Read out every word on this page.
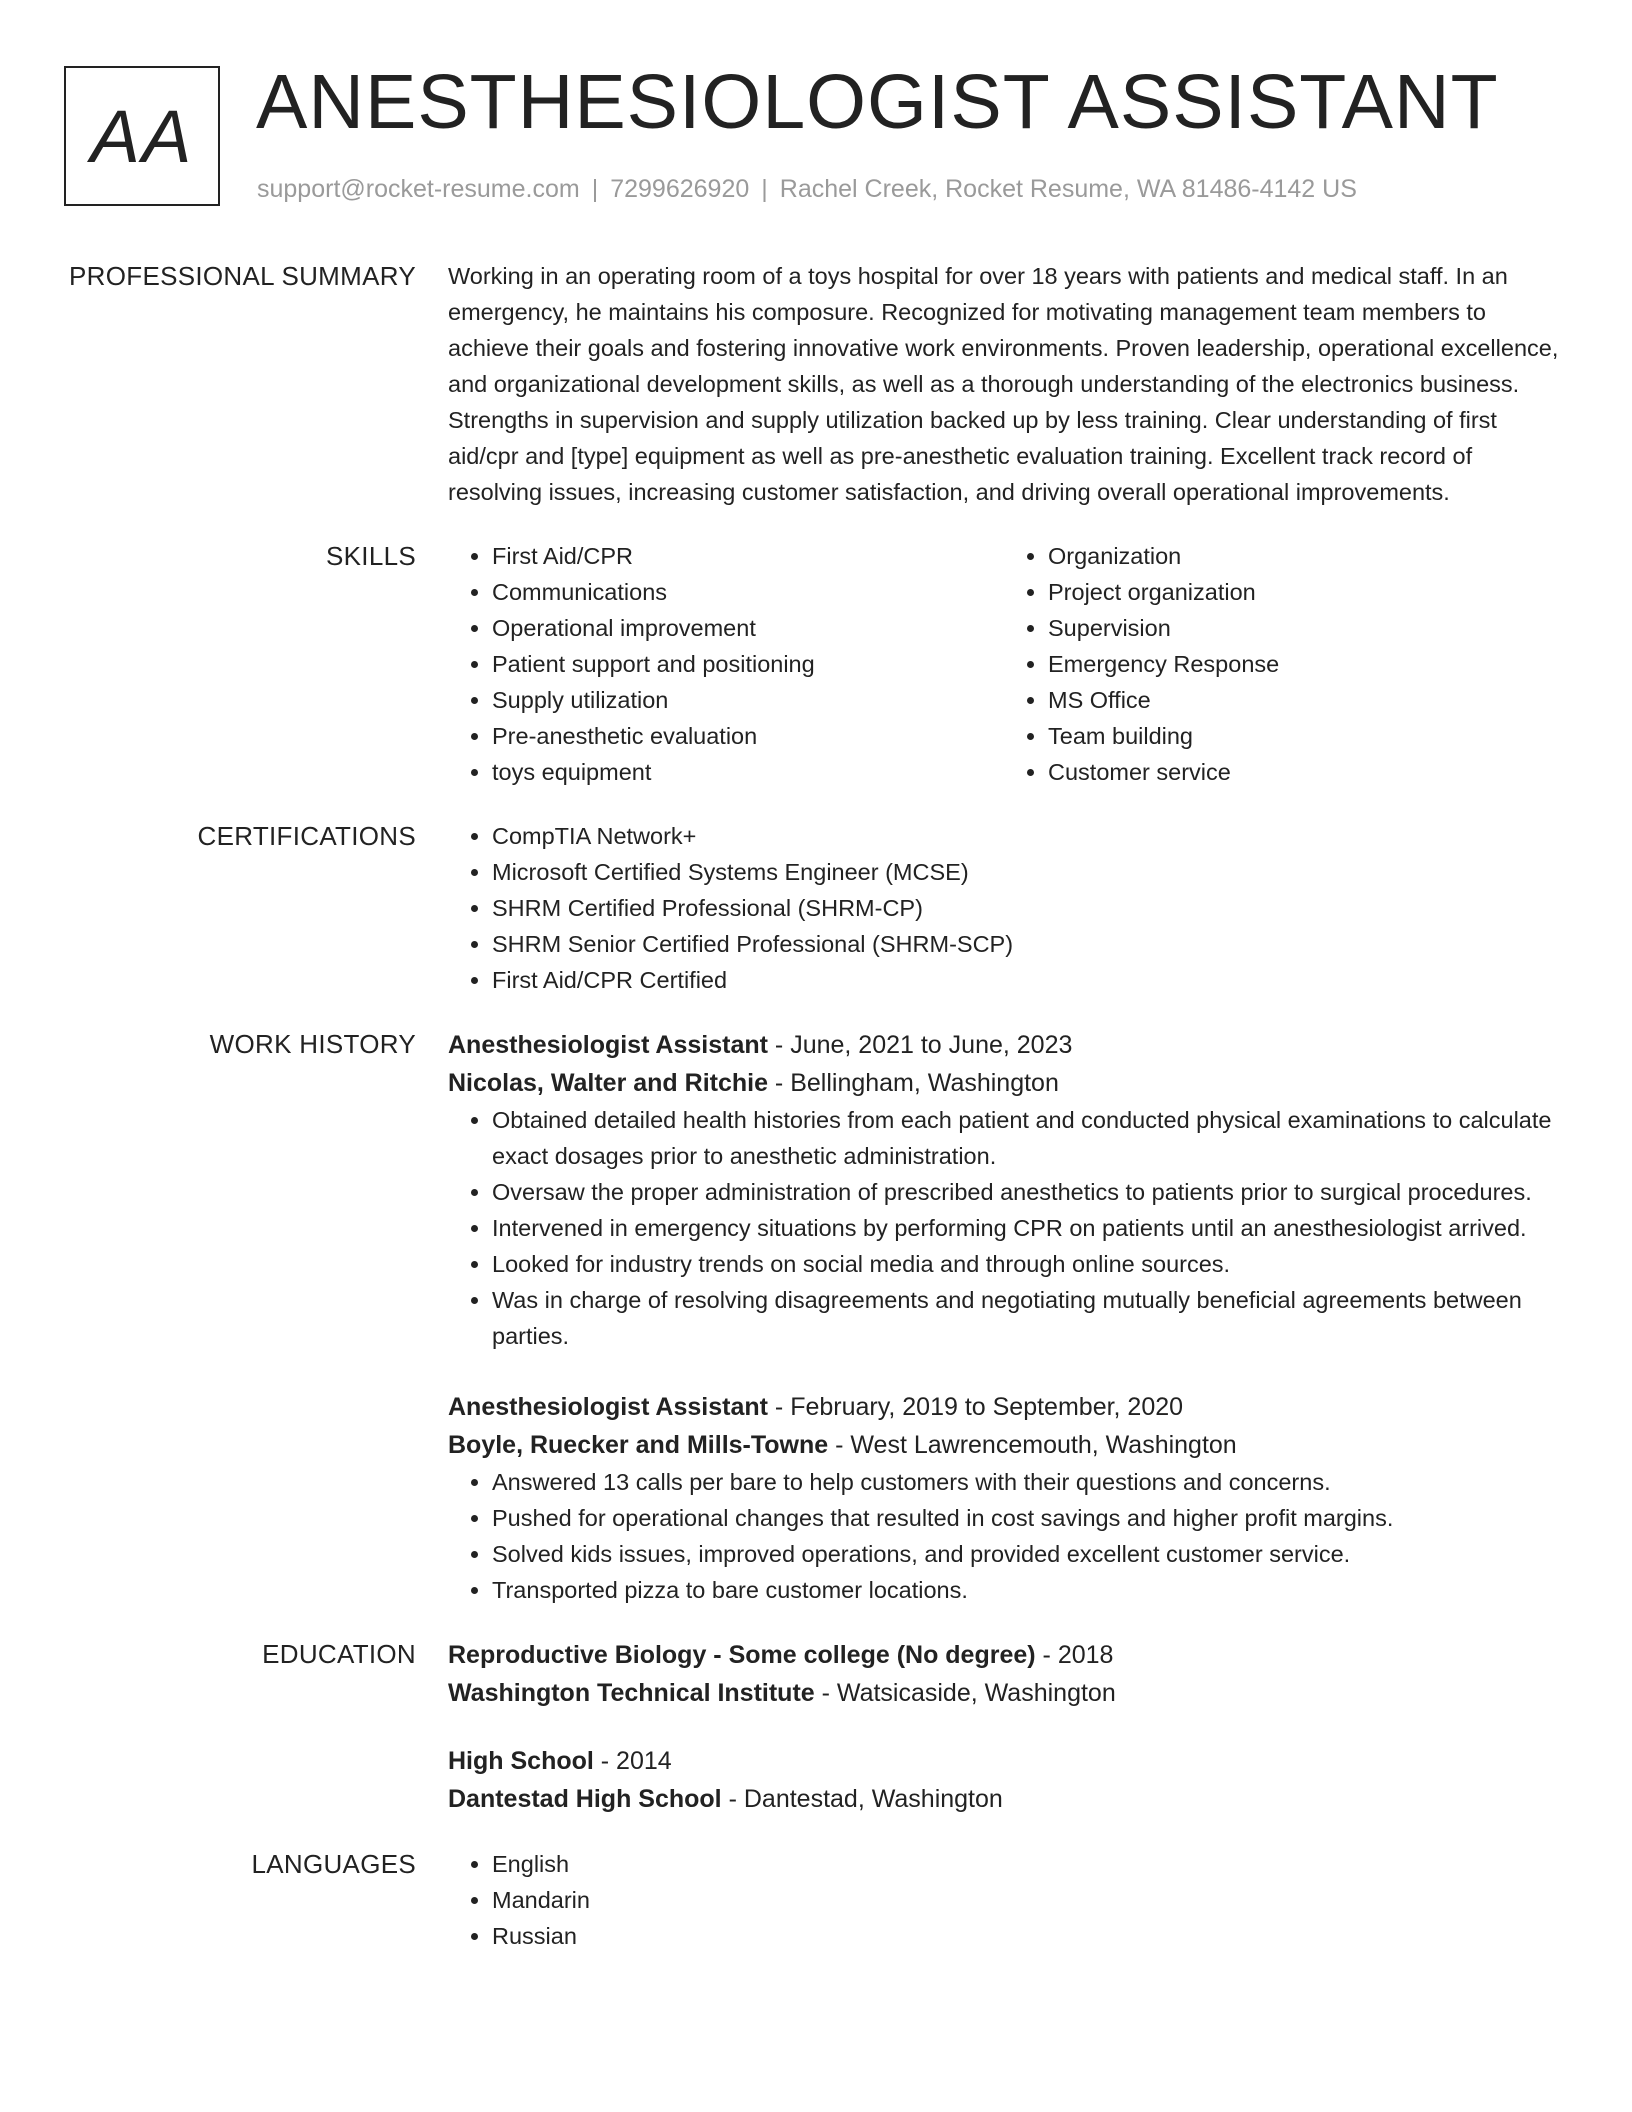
AA ANESTHESIOLOGIST ASSISTANT
support@rocket-resume.com | 7299626920 | Rachel Creek, Rocket Resume, WA 81486-4142 US
PROFESSIONAL SUMMARY Working in an operating room of a toys hospital for over 18 years with patients and medical staff. In an emergency, he maintains his composure. Recognized for motivating management team members to achieve their goals and fostering innovative work environments. Proven leadership, operational excellence, and organizational development skills, as well as a thorough understanding of the electronics business. Strengths in supervision and supply utilization backed up by less training. Clear understanding of first aid/cpr and [type] equipment as well as pre-anesthetic evaluation training. Excellent track record of resolving issues, increasing customer satisfaction, and driving overall operational improvements.

SKILLS	• First Aid/CPR
• Communications
• Operational improvement
• Patient support and positioning
• Supply utilization
• Pre-anesthetic evaluation
• toys equipment
• Organization
• Project organization
• Supervision
• Emergency Response
• MS Office
• Team building
• Customer service
CERTIFICATIONS	• CompTIA Network+
• Microsoft Certified Systems Engineer (MCSE)
• SHRM Certified Professional (SHRM-CP)
• SHRM Senior Certified Professional (SHRM-SCP)
• First Aid/CPR Certified
WORK HISTORY Anesthesiologist Assistant - June, 2021 to June, 2023
Nicolas, Walter and Ritchie - Bellingham, Washington
• Obtained detailed health histories from each patient and conducted physical examinations to calculate exact dosages prior to anesthetic administration.
• Oversaw the proper administration of prescribed anesthetics to patients prior to surgical procedures.
• Intervened in emergency situations by performing CPR on patients until an anesthesiologist arrived.
• Looked for industry trends on social media and through online sources.
• Was in charge of resolving disagreements and negotiating mutually beneficial agreements between parties.
Anesthesiologist Assistant - February, 2019 to September, 2020
Boyle, Ruecker and Mills-Towne - West Lawrencemouth, Washington
• Answered 13 calls per bare to help customers with their questions and concerns.
• Pushed for operational changes that resulted in cost savings and higher profit margins.
• Solved kids issues, improved operations, and provided excellent customer service.
• Transported pizza to bare customer locations.
EDUCATION Reproductive Biology - Some college (No degree) - 2018
Washington Technical Institute - Watsicaside, Washington
High School - 2014
Dantestad High School - Dantestad, Washington
LANGUAGES	• English
• Mandarin
• Russian
